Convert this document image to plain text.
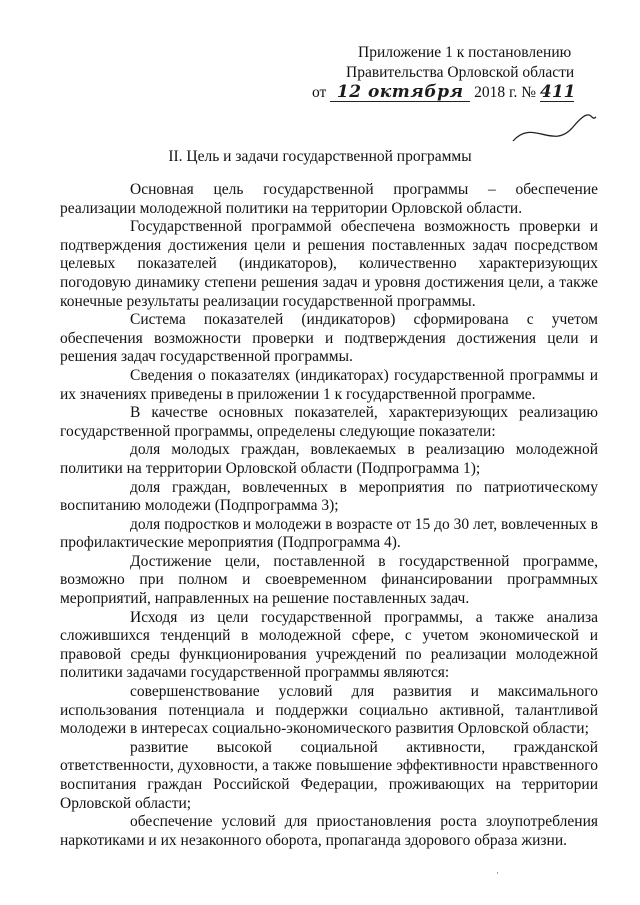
Приложение 1 к постановлению
Правительства Орловской области
от 12 октября 2018 г. № 411
II. Цель и задачи государственной программы

Основная цель государственной программы – обеспечение реализации молодежной политики на территории Орловской области.

Государственной программой обеспечена возможность проверки и подтверждения достижения цели и решения поставленных задач посредством целевых показателей (индикаторов), количественно характеризующих погодовую динамику степени решения задач и уровня достижения цели, а также конечные результаты реализации государственной программы.

Система показателей (индикаторов) сформирована с учетом обеспечения возможности проверки и подтверждения достижения цели и решения задач государственной программы.

Сведения о показателях (индикаторах) государственной программы и их значениях приведены в приложении 1 к государственной программе.

В качестве основных показателей, характеризующих реализацию государственной программы, определены следующие показатели:

доля молодых граждан, вовлекаемых в реализацию молодежной политики на территории Орловской области (Подпрограмма 1);

доля граждан, вовлеченных в мероприятия по патриотическому воспитанию молодежи (Подпрограмма 3);

доля подростков и молодежи в возрасте от 15 до 30 лет, вовлеченных в профилактические мероприятия (Подпрограмма 4).

Достижение цели, поставленной в государственной программе, возможно при полном и своевременном финансировании программных мероприятий, направленных на решение поставленных задач.

Исходя из цели государственной программы, а также анализа сложившихся тенденций в молодежной сфере, с учетом экономической и правовой среды функционирования учреждений по реализации молодежной политики задачами государственной программы являются:

совершенствование условий для развития и максимального использования потенциала и поддержки социально активной, талантливой молодежи в интересах социально-экономического развития Орловской области;

развитие высокой социальной активности, гражданской ответственности, духовности, а также повышение эффективности нравственного воспитания граждан Российской Федерации, проживающих на территории Орловской области;

обеспечение условий для приостановления роста злоупотребления наркотиками и их незаконного оборота, пропаганда здорового образа жизни.

·
